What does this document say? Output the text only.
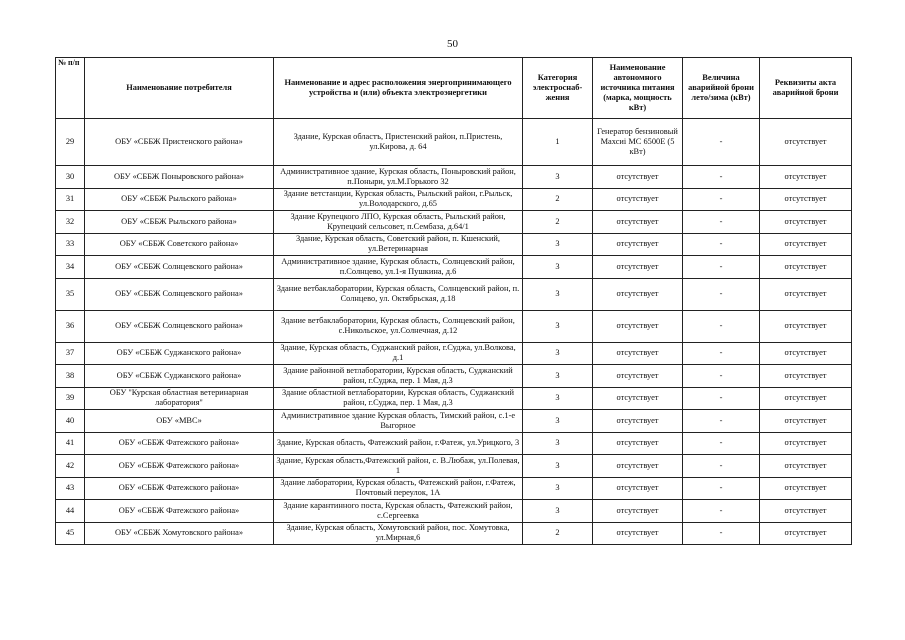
50
№ п/п	Наименование потребителя	Наименование и адрес расположения энергопринимающего устройства и (или) объекта электроэнергетики	Категория электроснаб-жения	Наименование автономного источника питания (марка, мощность кВт)	Величина аварийной брони лето/зима (кВт)	Реквизиты акта аварийной брони
29	ОБУ «СББЖ Пристенского района»	Здание, Курская областъ, Пристенский район, п.Пристень, ул.Кирова, д. 64	1	Генератор бензиновый Махсиi МС 6500Е (5 кВт)	-	отсутствует
30	ОБУ «СББЖ Поныровского района»	Административное здание, Курская область, Поныровский район, п.Поныри, ул.М.Горького 32	3	отсутствует	-	отсутствует
31	ОБУ «СББЖ Рыльского района»	Здание ветстанции, Курская область, Рыльский район, г.Рыльск, ул.Володарского, д.65	2	отсутствует	-	отсутствует
32	ОБУ «СББЖ Рыльского района»	Здание Крупецкого ЛПО, Курская область, Рыльский район, Крупецкий сельсовет, п.Сембаза, д.64/1	2	отсутствует	-	отсутствует
33	ОБУ «СББЖ Советского района»	Здание, Курская область, Советский район, п. Кшенский, ул.Ветеринарная	3	отсутствует	-	отсутствует
34	ОБУ «СББЖ Солнцевского района»	Административное здание, Курская область, Солнцевский район, п.Солнцево, ул.1-я Пушкина, д.6	3	отсутствует	-	отсутствует
35	ОБУ «СББЖ Солнцевского района»	Здание ветбаклаборатории, Курская область, Солнцевский район, п. Солнцево, ул. Октябрьская, д.18	3	отсутствует	-	отсутствует
36	ОБУ «СББЖ Солнцевского района»	Здание ветбаклаборатории, Курская область, Солнцевский район, с.Никольское, ул.Солнечная, д.12	3	отсутствует	-	отсутствует
37	ОБУ «СББЖ Суджанского района»	Здание, Курская область, Суджанский район, г.Суджа, ул.Волкова, д.1	3	отсутствует	-	отсутствует
38	ОБУ «СББЖ Суджанского района»	Здание районной ветлаборатории, Курская область, Суджанский район, г.Суджа, пер. 1 Мая, д.3	3	отсутствует	-	отсутствует
39	ОБУ "Курская областная ветеринарная лаборатория"	Здание областной ветлаборатории, Курская область, Суджанский район, г.Суджа, пер. 1 Мая, д.3	3	отсутствует	-	отсутствует
40	ОБУ «МВС»	Административное здание Курская область, Тимский район, с.1-е Выгорное	3	отсутствует	-	отсутствует
41	ОБУ «СББЖ Фатежского района»	Здание, Курская область, Фатежский район, г.Фатеж, ул.Урицкого, 3	3	отсутствует	-	отсутствует
42	ОБУ «СББЖ Фатежского района»	Здание, Курская область,Фатежский район, с. В.Любаж, ул.Полевая, 1	3	отсутствует	-	отсутствует
43	ОБУ «СББЖ Фатежского района»	Здание лаборатории, Курская область, Фатежский район, г.Фатеж, Почтовый переулок, 1А	3	отсутствует	-	отсутствует
44	ОБУ «СББЖ Фатежского района»	Здание карантинного поста, Курская область, Фатежский район, с.Сергеевка	3	отсутствует	-	отсутствует
45	ОБУ «СББЖ Хомутовского района»	Здание, Курская область, Хомутовский район, пос. Хомутовка, ул.Мирная,6	2	отсутствует	-	отсутствует
